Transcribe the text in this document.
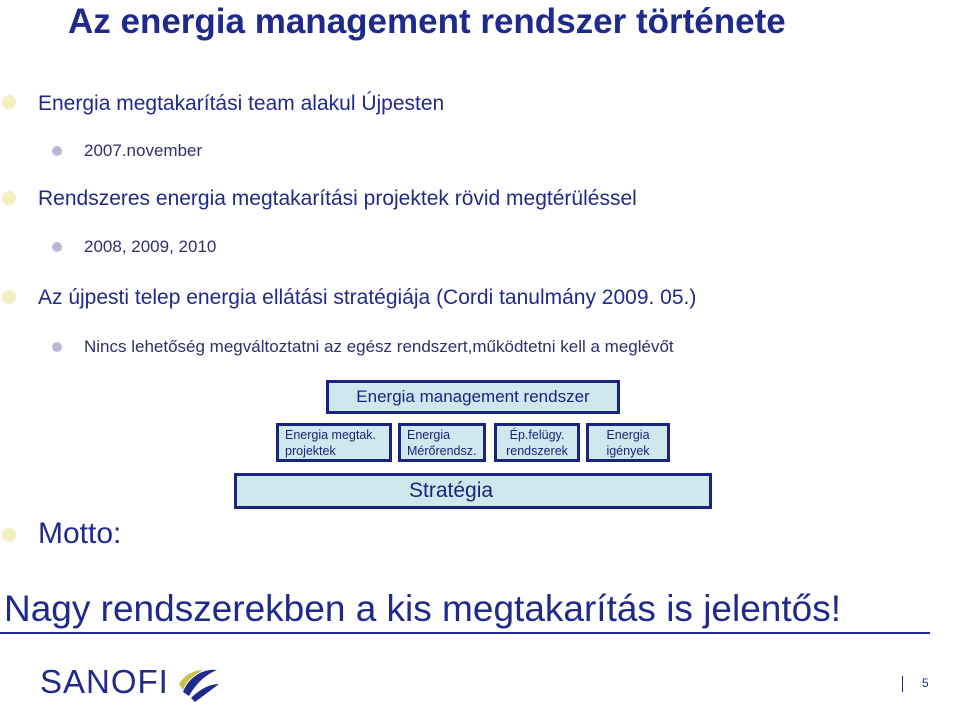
Az energia management rendszer története
Energia megtakarítási team alakul Újpesten
2007.november
Rendszeres energia megtakarítási projektek rövid megtérüléssel
2008, 2009, 2010
Az újpesti telep energia ellátási stratégiája (Cordi tanulmány 2009. 05.)
Nincs lehetőség megváltoztatni az egész rendszert,működtetni kell a meglévőt
Energia management rendszer
Energia megtak.
projektek
Energia
Mérőrendsz.
Ép.felügy.
rendszerek
Energia
igények
Stratégia
Motto:
Nagy rendszerekben a kis megtakarítás is jelentős!
SANOFI	5
